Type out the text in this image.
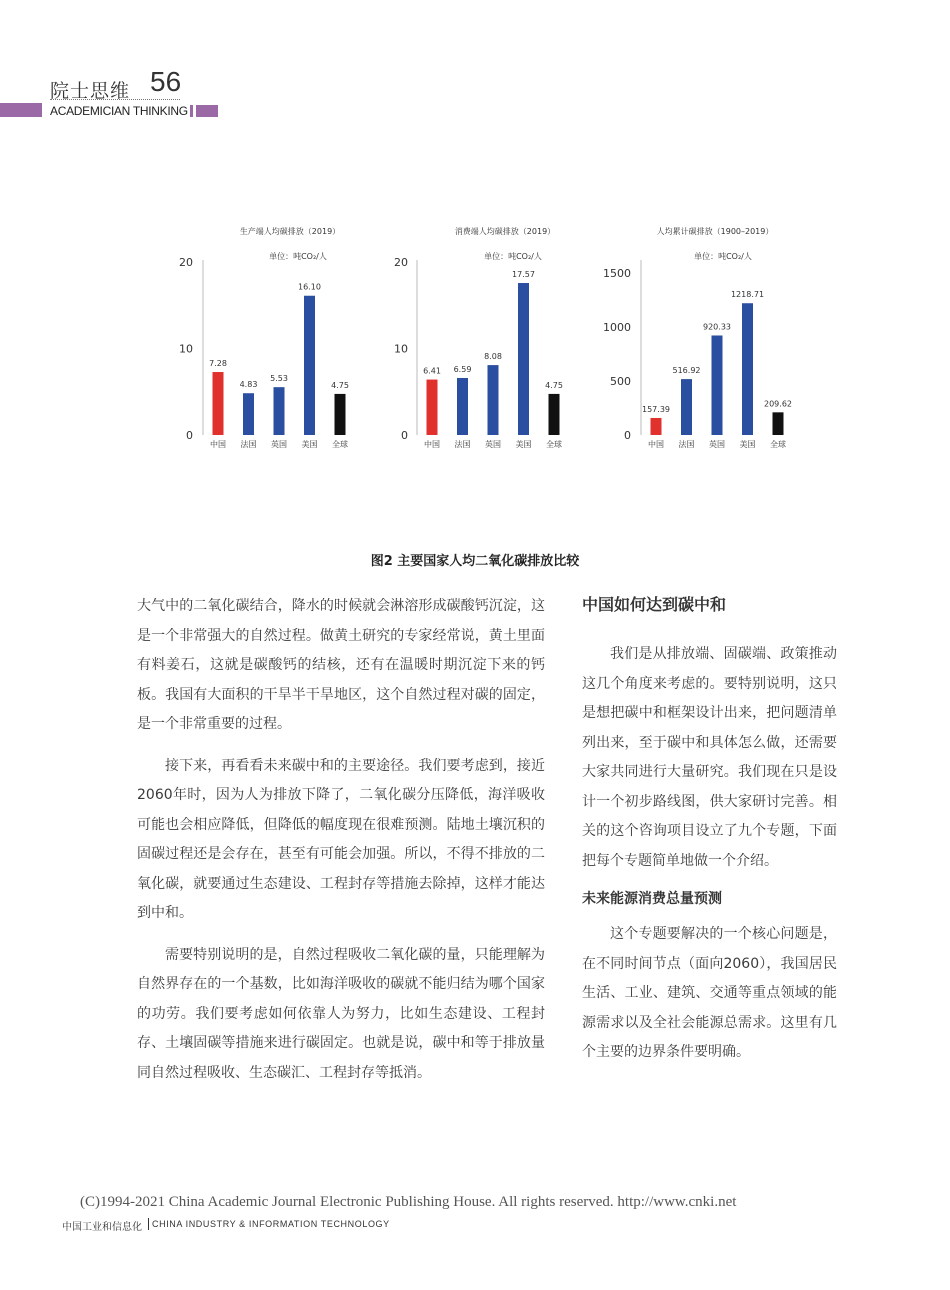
院士思维 56
ACADEMICIAN THINKING
生产端人均碳排放（2019）
单位：吨CO₂/人
0
10
20
7.28
中国
4.83
法国
5.53
英国
16.10
美国
4.75
全球
消费端人均碳排放（2019）
单位：吨CO₂/人
0
10
20
6.41
中国
6.59
法国
8.08
英国
17.57
美国
4.75
全球
人均累计碳排放（1900–2019）
单位：吨CO₂/人
0
500
1000
1500
157.39
中国
516.92
法国
920.33
英国
1218.71
美国
209.62
全球
图2 主要国家人均二氧化碳排放比较

大气中的二氧化碳结合，降水的时候就会淋溶形成碳酸钙沉淀，这是一个非常强大的自然过程。做黄土研究的专家经常说，黄土里面有料姜石，这就是碳酸钙的结核，还有在温暖时期沉淀下来的钙板。我国有大面积的干旱半干旱地区，这个自然过程对碳的固定，是一个非常重要的过程。

接下来，再看看未来碳中和的主要途径。我们要考虑到，接近2060年时，因为人为排放下降了，二氧化碳分压降低，海洋吸收可能也会相应降低，但降低的幅度现在很难预测。陆地土壤沉积的固碳过程还是会存在，甚至有可能会加强。所以，不得不排放的二氧化碳，就要通过生态建设、工程封存等措施去除掉，这样才能达到中和。

需要特别说明的是，自然过程吸收二氧化碳的量，只能理解为自然界存在的一个基数，比如海洋吸收的碳就不能归结为哪个国家的功劳。我们要考虑如何依靠人为努力，比如生态建设、工程封存、土壤固碳等措施来进行碳固定。也就是说，碳中和等于排放量同自然过程吸收、生态碳汇、工程封存等抵消。

中国如何达到碳中和

我们是从排放端、固碳端、政策推动这几个角度来考虑的。要特别说明，这只是想把碳中和框架设计出来，把问题清单列出来，至于碳中和具体怎么做，还需要大家共同进行大量研究。我们现在只是设计一个初步路线图，供大家研讨完善。相关的这个咨询项目设立了九个专题，下面把每个专题简单地做一个介绍。

未来能源消费总量预测

这个专题要解决的一个核心问题是，在不同时间节点（面向2060），我国居民生活、工业、建筑、交通等重点领域的能源需求以及全社会能源总需求。这里有几个主要的边界条件要明确。

(C)1994-2021 China Academic Journal Electronic Publishing House. All rights reserved. http://www.cnki.net
中国工业和信息化 CHINA INDUSTRY & INFORMATION TECHNOLOGY
